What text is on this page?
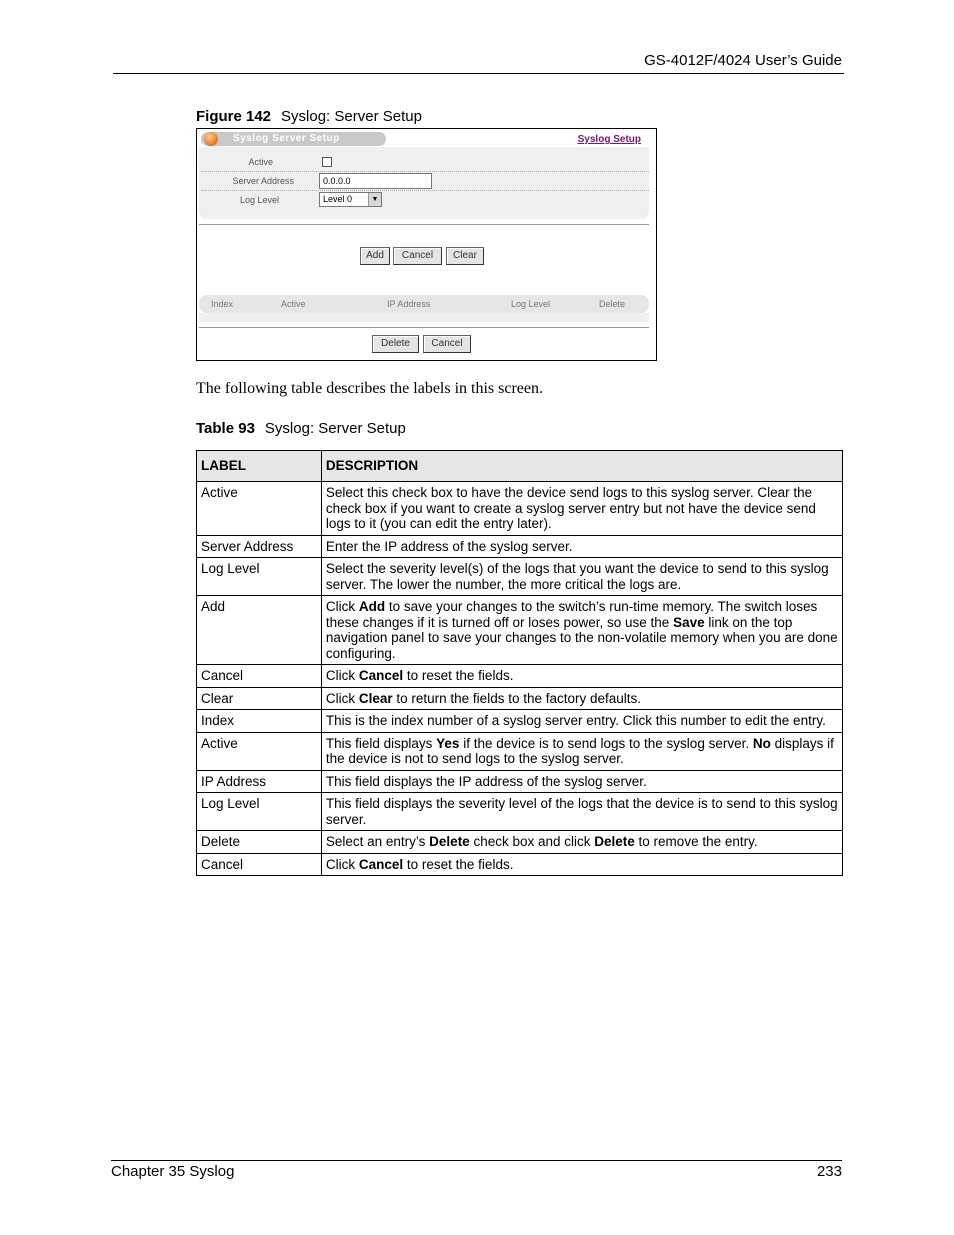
GS-4012F/4024 User’s Guide
Figure 142 Syslog: Server Setup
Syslog Server Setup	Syslog Setup
Active
Server Address	0.0.0.0
Log Level	Level 0	▼
Add	Cancel	Clear
Index	Active	IP Address	Log Level	Delete
Delete	Cancel
The following table describes the labels in this screen.
Table 93 Syslog: Server Setup
LABEL	DESCRIPTION
Active	Select this check box to have the device send logs to this syslog server. Clear the check box if you want to create a syslog server entry but not have the device send logs to it (you can edit the entry later).
Server Address	Enter the IP address of the syslog server.
Log Level	Select the severity level(s) of the logs that you want the device to send to this syslog server. The lower the number, the more critical the logs are.
Add	Click Add to save your changes to the switch’s run-time memory. The switch loses these changes if it is turned off or loses power, so use the Save link on the top navigation panel to save your changes to the non-volatile memory when you are done configuring.
Cancel	Click Cancel to reset the fields.
Clear	Click Clear to return the fields to the factory defaults.
Index	This is the index number of a syslog server entry. Click this number to edit the entry.
Active	This field displays Yes if the device is to send logs to the syslog server. No displays if the device is not to send logs to the syslog server.
IP Address	This field displays the IP address of the syslog server.
Log Level	This field displays the severity level of the logs that the device is to send to this syslog server.
Delete	Select an entry’s Delete check box and click Delete to remove the entry.
Cancel	Click Cancel to reset the fields.
Chapter 35 Syslog	233
